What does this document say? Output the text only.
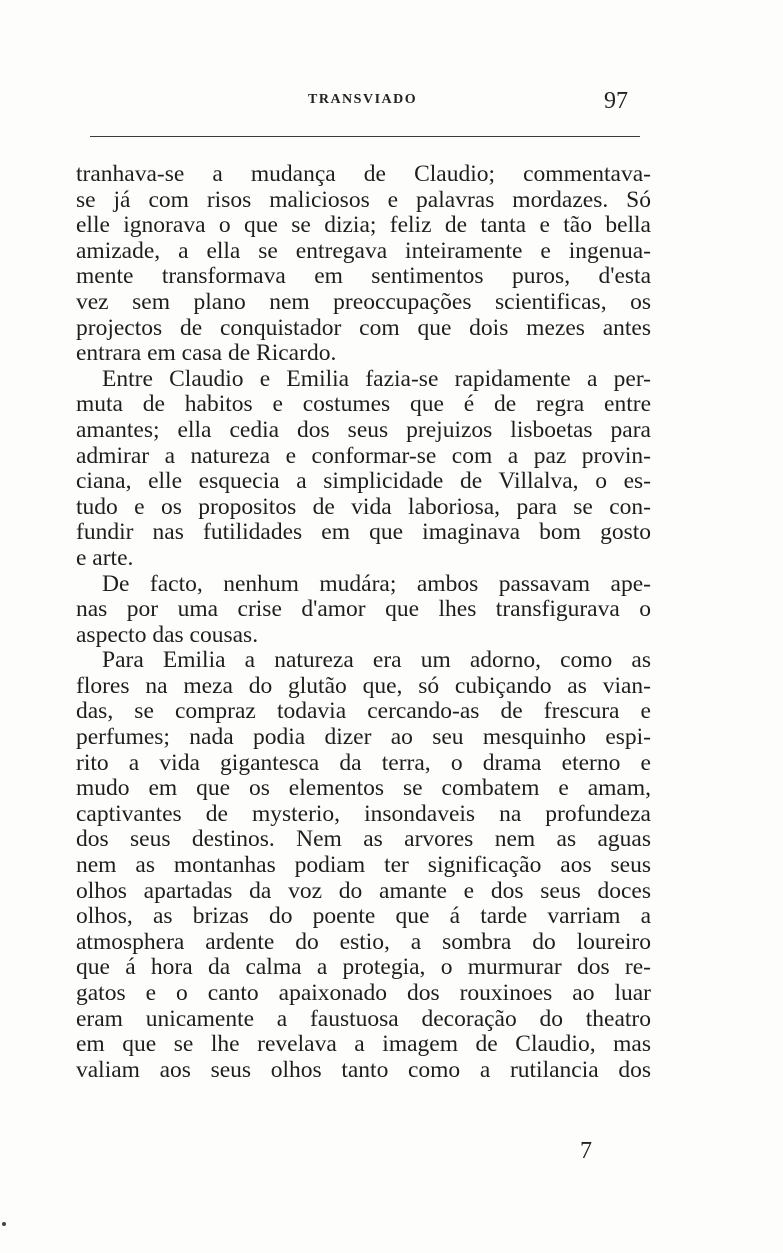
TRANSVIADO	97
tranhava-se a mudança de Claudio; commentava-
se já com risos maliciosos e palavras mordazes. Só
elle ignorava o que se dizia; feliz de tanta e tão bella
amizade, a ella se entregava inteiramente e ingenua-
mente transformava em sentimentos puros, d'esta
vez sem plano nem preoccupações scientificas, os
projectos de conquistador com que dois mezes antes
entrara em casa de Ricardo.
Entre Claudio e Emilia fazia-se rapidamente a per-
muta de habitos e costumes que é de regra entre
amantes; ella cedia dos seus prejuizos lisboetas para
admirar a natureza e conformar-se com a paz provin-
ciana, elle esquecia a simplicidade de Villalva, o es-
tudo e os propositos de vida laboriosa, para se con-
fundir nas futilidades em que imaginava bom gosto
e arte.
De facto, nenhum mudára; ambos passavam ape-
nas por uma crise d'amor que lhes transfigurava o
aspecto das cousas.
Para Emilia a natureza era um adorno, como as
flores na meza do glutão que, só cubiçando as vian-
das, se compraz todavia cercando-as de frescura e
perfumes; nada podia dizer ao seu mesquinho espi-
rito a vida gigantesca da terra, o drama eterno e
mudo em que os elementos se combatem e amam,
captivantes de mysterio, insondaveis na profundeza
dos seus destinos. Nem as arvores nem as aguas
nem as montanhas podiam ter significação aos seus
olhos apartadas da voz do amante e dos seus doces
olhos, as brizas do poente que á tarde varriam a
atmosphera ardente do estio, a sombra do loureiro
que á hora da calma a protegia, o murmurar dos re-
gatos e o canto apaixonado dos rouxinoes ao luar
eram unicamente a faustuosa decoração do theatro
em que se lhe revelava a imagem de Claudio, mas
valiam aos seus olhos tanto como a rutilancia dos
7
